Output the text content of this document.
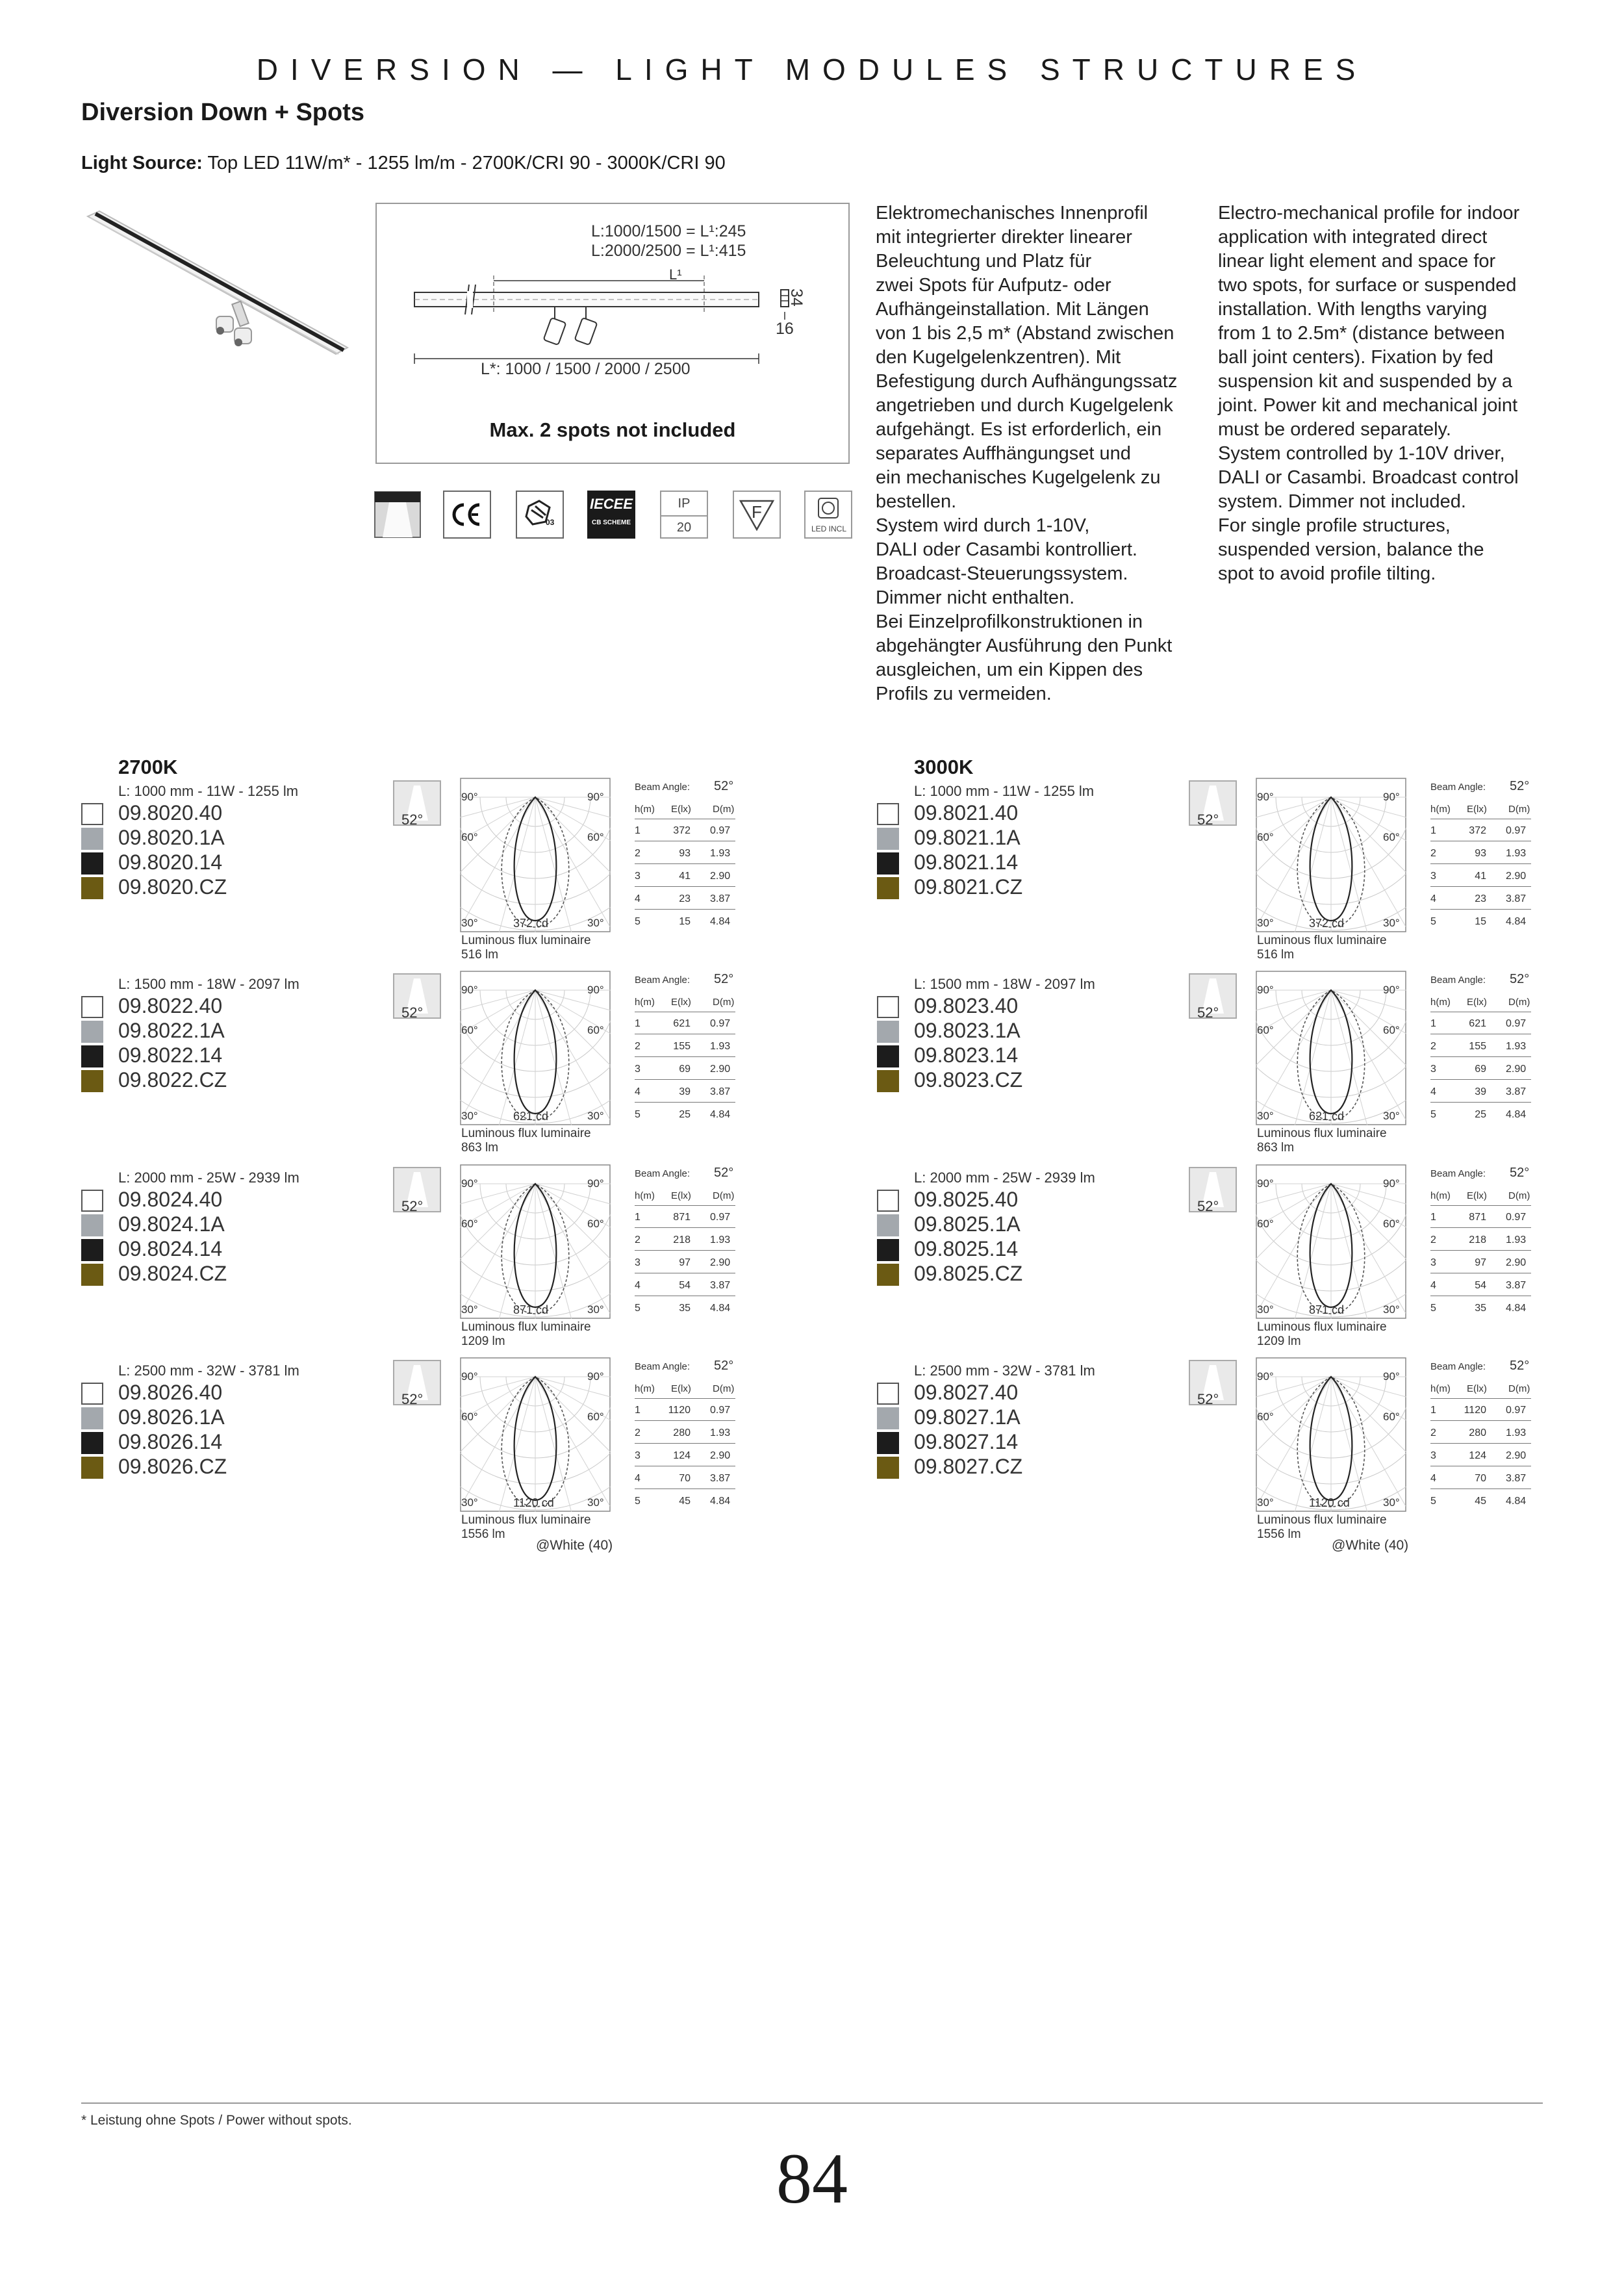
DIVERSION — LIGHT MODULES STRUCTURES
Diversion Down + Spots
Light Source: Top LED 11W/m* - 1255 lm/m - 2700K/CRI 90 - 3000K/CRI 90
L:1000/1500 = L¹:245
L:2000/2500 = L¹:415
L¹
34
16
L*: 1000 / 1500 / 2000 / 2500
Max. 2 spots not included
03
IECEE
CB SCHEME
IP
20
F
LED INCL
Elektromechanisches Innenprofil
mit integrierter direkter linearer
Beleuchtung und Platz für
zwei Spots für Aufputz- oder
Aufhängeinstallation. Mit Längen
von 1 bis 2,5 m* (Abstand zwischen
den Kugelgelenkzentren). Mit
Befestigung durch Aufhängungssatz
angetrieben und durch Kugelgelenk
aufgehängt. Es ist erforderlich, ein
separates Auffhängungset und
ein mechanisches Kugelgelenk zu
bestellen.
System wird durch 1-10V,
DALI oder Casambi kontrolliert.
Broadcast-Steuerungssystem.
Dimmer nicht enthalten.
Bei Einzelprofilkonstruktionen in
abgehängter Ausführung den Punkt
ausgleichen, um ein Kippen des
Profils zu vermeiden.
Electro-mechanical profile for indoor
application with integrated direct
linear light element and space for
two spots, for surface or suspended
installation. With lengths varying
from 1 to 2.5m* (distance between
ball joint centers). Fixation by fed
suspension kit and suspended by a
joint. Power kit and mechanical joint
must be ordered separately.
System controlled by 1-10V driver,
DALI or Casambi. Broadcast control
system. Dimmer not included.
For single profile structures,
suspended version, balance the
spot to avoid profile tilting.
2700K
L: 1000 mm - 11W - 1255 lm
09.8020.40
09.8020.1A
09.8020.14
09.8020.CZ
52°
90°	90°
60°	60°
30°	30°
372 cd
Luminous flux luminaire
516 lm
Beam Angle: 52°
h(m) E(lx) D(m)
1	372 0.97
2	93 1.93
3	41 2.90
4	23 3.87
5	15 4.84
L: 1500 mm - 18W - 2097 lm
09.8022.40
09.8022.1A
09.8022.14
09.8022.CZ
52°
90°	90°
60°	60°
30°	30°
621 cd
Luminous flux luminaire
863 lm
Beam Angle: 52°
h(m) E(lx) D(m)
1	621 0.97
2	155 1.93
3	69 2.90
4	39 3.87
5	25 4.84
L: 2000 mm - 25W - 2939 lm
09.8024.40
09.8024.1A
09.8024.14
09.8024.CZ
52°
90°	90°
60°	60°
30°	30°
871 cd
Luminous flux luminaire
1209 lm
Beam Angle: 52°
h(m) E(lx) D(m)
1	871 0.97
2	218 1.93
3	97 2.90
4	54 3.87
5	35 4.84
L: 2500 mm - 32W - 3781 lm
09.8026.40
09.8026.1A
09.8026.14
09.8026.CZ
52°
90°	90°
60°	60°
30°	30°
1120 cd
Luminous flux luminaire
1556 lm
Beam Angle: 52°
h(m) E(lx) D(m)
1	1120 0.97
2	280 1.93
3	124 2.90
4	70 3.87
5	45 4.84
@White (40)
3000K
L: 1000 mm - 11W - 1255 lm
09.8021.40
09.8021.1A
09.8021.14
09.8021.CZ
52°
90°	90°
60°	60°
30°	30°
372 cd
Luminous flux luminaire
516 lm
Beam Angle: 52°
h(m) E(lx) D(m)
1	372 0.97
2	93 1.93
3	41 2.90
4	23 3.87
5	15 4.84
L: 1500 mm - 18W - 2097 lm
09.8023.40
09.8023.1A
09.8023.14
09.8023.CZ
52°
90°	90°
60°	60°
30°	30°
621 cd
Luminous flux luminaire
863 lm
Beam Angle: 52°
h(m) E(lx) D(m)
1	621 0.97
2	155 1.93
3	69 2.90
4	39 3.87
5	25 4.84
L: 2000 mm - 25W - 2939 lm
09.8025.40
09.8025.1A
09.8025.14
09.8025.CZ
52°
90°	90°
60°	60°
30°	30°
871 cd
Luminous flux luminaire
1209 lm
Beam Angle: 52°
h(m) E(lx) D(m)
1	871 0.97
2	218 1.93
3	97 2.90
4	54 3.87
5	35 4.84
L: 2500 mm - 32W - 3781 lm
09.8027.40
09.8027.1A
09.8027.14
09.8027.CZ
52°
90°	90°
60°	60°
30°	30°
1120 cd
Luminous flux luminaire
1556 lm
Beam Angle: 52°
h(m) E(lx) D(m)
1	1120 0.97
2	280 1.93
3	124 2.90
4	70 3.87
5	45 4.84
@White (40)
* Leistung ohne Spots / Power without spots.
84
